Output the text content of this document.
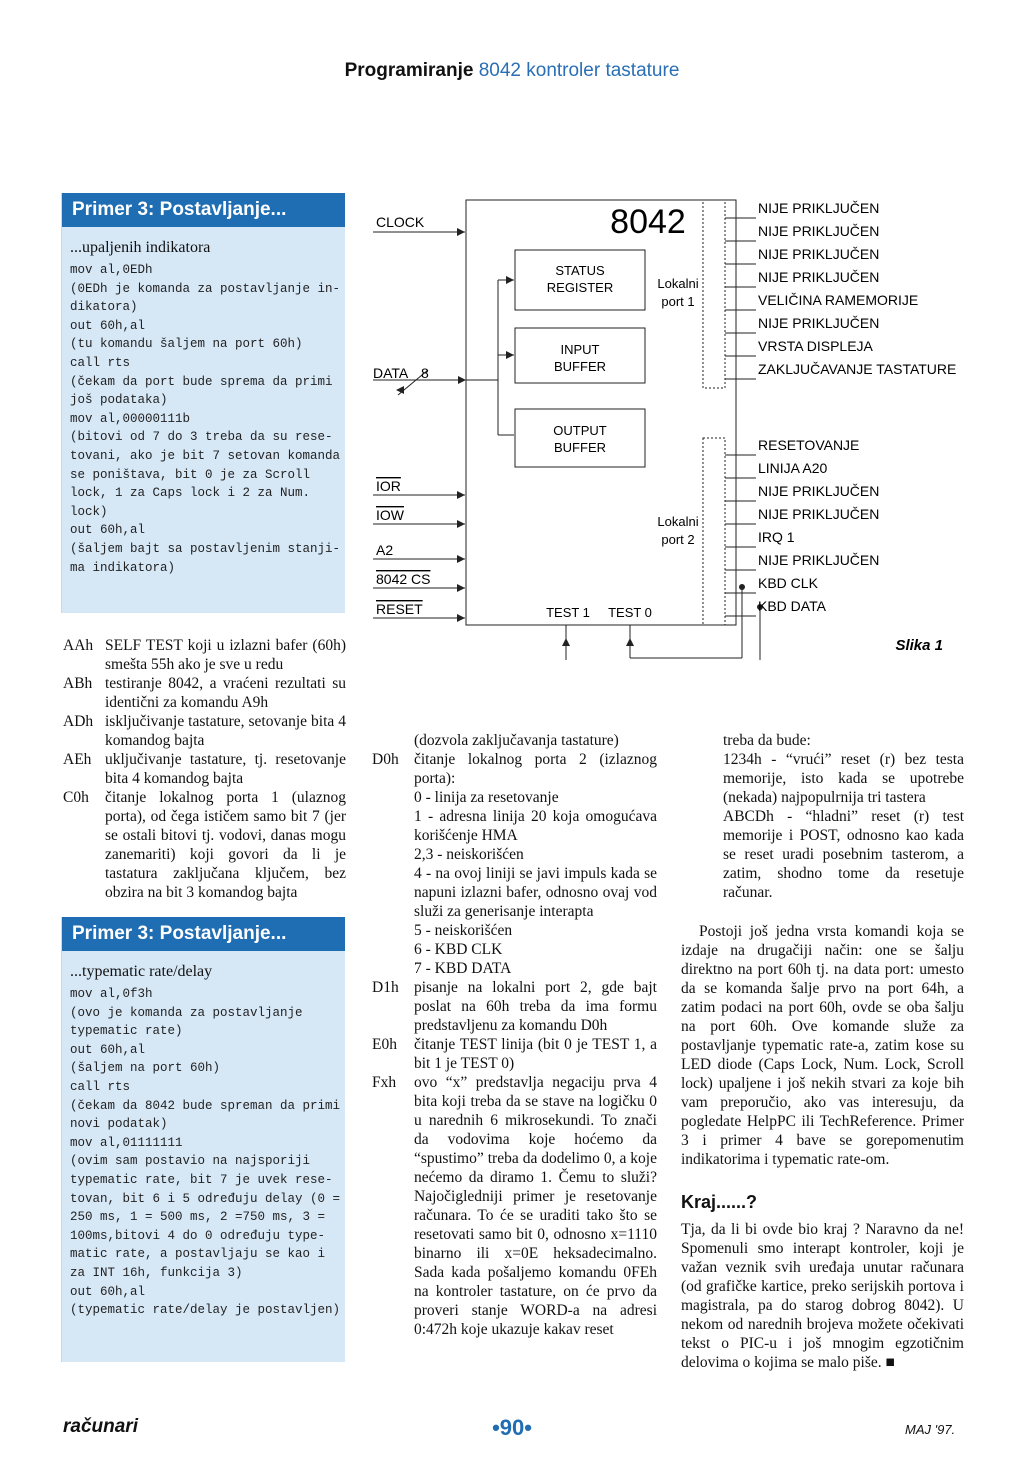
Programiranje 8042 kontroler tastature
Primer 3: Postavljanje...
...upaljenih indikatora
mov al,0EDh
(0EDh je komanda za postavljanje in-
dikatora)
out 60h,al
(tu komandu šaljem na port 60h)
call rts
(čekam da port bude sprema da primi
još podataka)
mov al,00000111b
(bitovi od 7 do 3 treba da su rese-
tovani, ako je bit 7 setovan komanda
se poništava, bit 0 je za Scroll
lock, 1 za Caps lock i 2 za Num.
lock)
out 60h,al
(šaljem bajt sa postavljenim stanji-
ma indikatora)
AAh SELF TEST koji u izlazni bafer (60h) smešta 55h ako je sve u redu
ABh testiranje 8042, a vraćeni rezultati su identični za komandu A9h
ADh isključivanje tastature, setovanje bita 4 komandog bajta
AEh uključivanje tastature, tj. resetovanje bita 4 komandog bajta
C0h	čitanje lokalnog porta 1 (ulaznog porta), od čega ističem samo bit 7 (jer se ostali bitovi tj. vodovi, danas mogu zanemariti) koji govori da li je tastatura zaključana ključem, bez obzira na bit 3 komandog bajta
Primer 3: Postavljanje...
...typematic rate/delay
mov al,0f3h
(ovo je komanda za postavljanje
typematic rate)
out 60h,al
(šaljem na port 60h)
call rts
(čekam da 8042 bude spreman da primi
novi podatak)
mov al,01111111
(ovim sam postavio na najsporiji
typematic rate, bit 7 je uvek rese-
tovan, bit 6 i 5 određuju delay (0 =
250 ms, 1 = 500 ms, 2 =750 ms, 3 =
100ms,bitovi 4 do 0 određuju type-
matic rate, a postavljaju se kao i
za INT 16h, funkcija 3)
out 60h,al
(typematic rate/delay je postavljen)
8042
STATUS
REGISTER
INPUT
BUFFER
OUTPUT
BUFFER
Lokalni
port 1
Lokalni
port 2
CLOCK
DATA 8
IOR
IOW
A2
8042 CS
RESET	TEST 1 TEST 0
NIJE PRIKLJUČEN
NIJE PRIKLJUČEN
NIJE PRIKLJUČEN
NIJE PRIKLJUČEN
VELIČINA RAMEMORIJE
NIJE PRIKLJUČEN
VRSTA DISPLEJA
ZAKLJUČAVANJE TASTATURE
RESETOVANJE
LINIJA A20
NIJE PRIKLJUČEN
NIJE PRIKLJUČEN
IRQ 1
NIJE PRIKLJUČEN
KBD CLK
KBD DATA
Slika 1
(dozvola zaključavanja tastature)
D0h čitanje lokalnog porta 2 (izlaznog porta):
0 - linija za resetovanje
1 - adresna linija 20 koja omogućava korišćenje HMA
2,3 - neiskorišćen
4 - na ovoj liniji se javi impuls kada se napuni izlazni bafer, odnosno ovaj vod služi za generisanje interapta
5 - neiskorišćen
6 - KBD CLK
7 - KBD DATA
D1h pisanje na lokalni port 2, gde bajt poslat na 60h treba da ima formu predstavljenu za komandu D0h
E0h	čitanje TEST linija (bit 0 je TEST 1, a bit 1 je TEST 0)
Fxh	ovo “x” predstavlja negaciju prva 4 bita koji treba da se stave na logičku 0 u narednih 6 mikrosekundi. To znači da vodovima koje hoćemo da “spustimo” treba da dodelimo 0, a koje nećemo da diramo 1. Čemu to služi? Najočigledniji primer je resetovanje računara. To će se uraditi tako što se resetovati samo bit 0, odnosno x=1110 binarno ili x=0E heksadecimalno. Sada kada pošaljemo komandu 0FEh na kontroler tastature, on će prvo da proveri stanje WORD-a na adresi 0:472h koje ukazuje kakav reset
treba da bude:
1234h - “vrući” reset (r) bez testa memorije, isto kada se upotrebe (nekada) najpopulrnija tri tastera
ABCDh - “hladni” reset (r) test memorije i POST, odnosno kao kada se reset uradi posebnim tasterom, a zatim, shodno tome da resetuje računar.

Postoji još jedna vrsta komandi koja se izdaje na drugačiji način: one se šalju direktno na port 60h tj. na data port: umesto da se komanda šalje prvo na port 64h, a zatim podaci na port 60h, ovde se oba šalju na port 60h. Ove komande služe za postavljanje typematic rate-a, zatim kose su LED diode (Caps Lock, Num. Lock, Scroll lock) upaljene i još nekih stvari za koje bih vam preporučio, ako vas interesuju, da pogledate HelpPC ili TechReference. Primer 3 i primer 4 bave se gorepomenutim indikatorima i typematic rate-om.

Kraj......?

Tja, da li bi ovde bio kraj ? Naravno da ne! Spomenuli smo interapt kontroler, koji je važan veznik svih uređaja unutar računara (od grafičke kartice, preko serijskih portova i magistrala, pa do starog dobrog 8042). U nekom od narednih brojeva možete očekivati tekst o PIC-u i još mnogim egzotičnim delovima o kojima se malo piše. ■

računari	•90•	MAJ '97.
